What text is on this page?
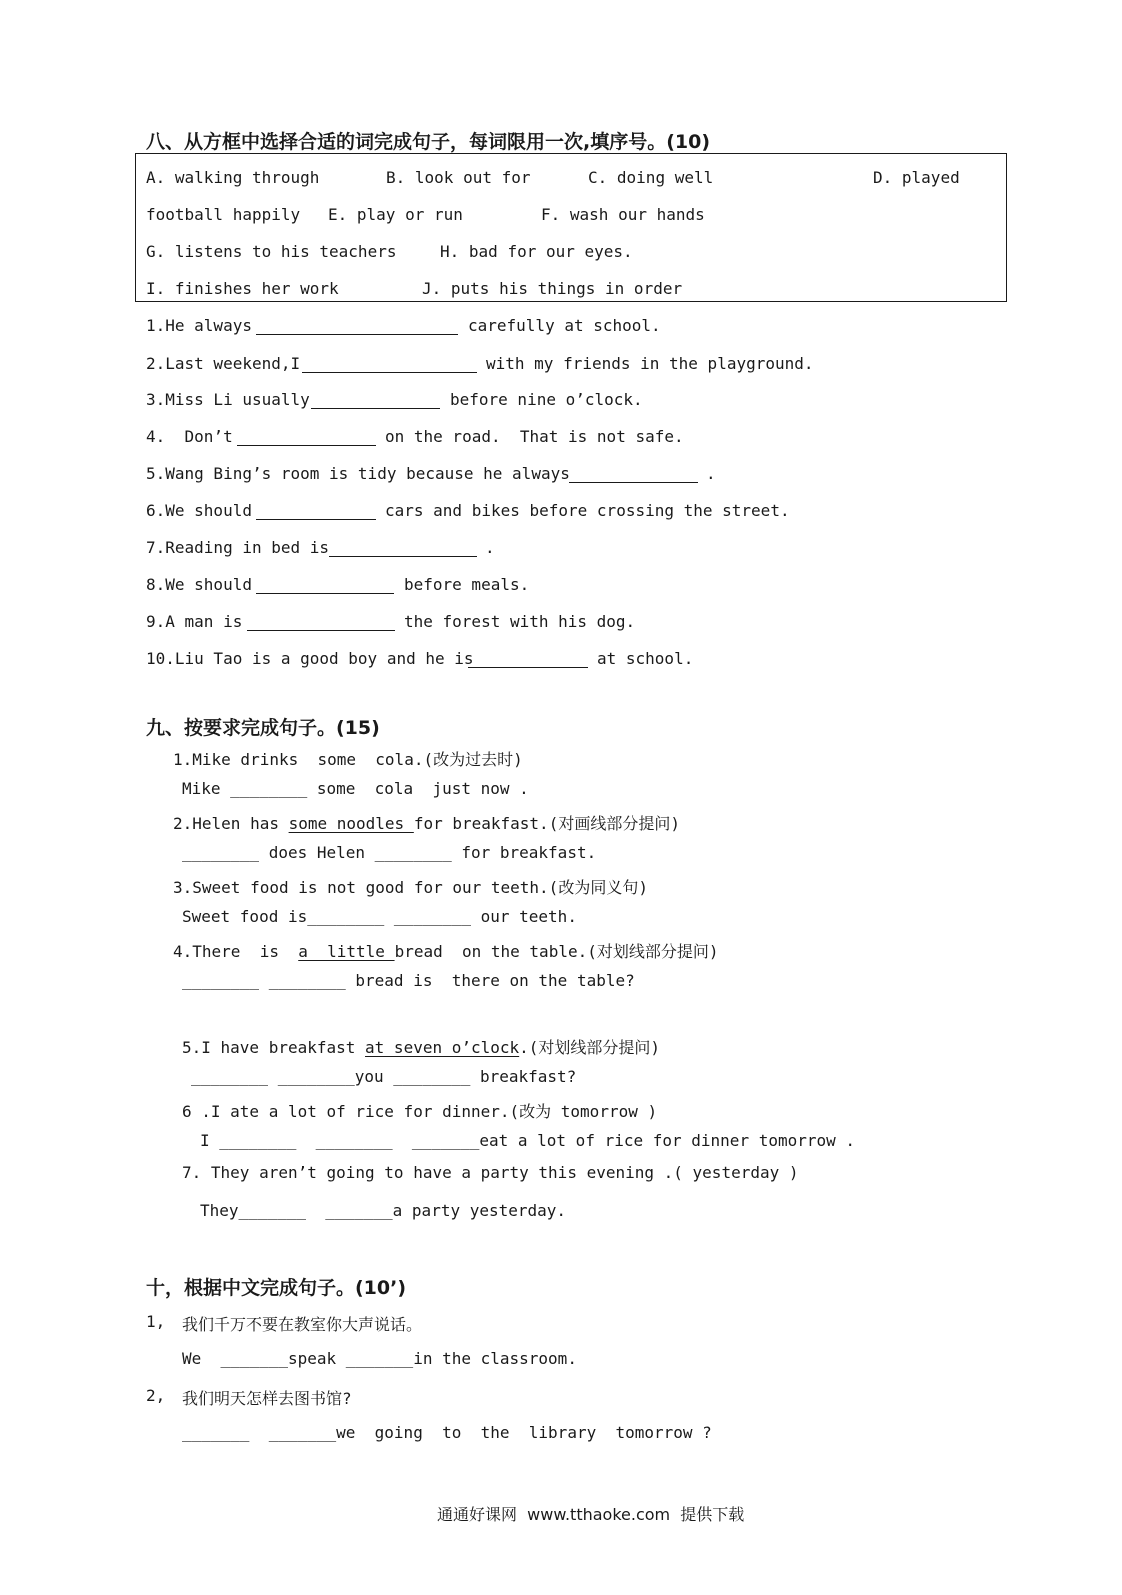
八、从方框中选择合适的词完成句子，每词限用一次,填序号。(10)
A. walking through	B. look out for	C. doing well	D. played
football happily E. play or run	F. wash our hands
G. listens to his teachers	H. bad for our eyes.
I. finishes her work	J. puts his things in order
1.He always	carefully at school.
2.Last weekend,I	with my friends in the playground.
3.Miss Li usually	before nine o’clock.
4.  Don’t	on the road.  That is not safe.
5.Wang Bing’s room is tidy because he always	.
6.We should	cars and bikes before crossing the street.
7.Reading in bed is	.
8.We should	before meals.
9.A man is	the forest with his dog.
10.Liu Tao is a good boy and he is	at school.
九、按要求完成句子。(15)
1.Mike drinks  some  cola.(改为过去时)
Mike ________ some  cola  just now .
2.Helen has some noodles for breakfast.(对画线部分提问)
________ does Helen ________ for breakfast.
3.Sweet food is not good for our teeth.(改为同义句)
Sweet food is________ ________ our teeth.
4.There  is  a  little bread  on the table.(对划线部分提问)
________ ________ bread is  there on the table?
5.I have breakfast at seven o’clock.(对划线部分提问)
________ ________you ________ breakfast?
6 .I ate a lot of rice for dinner.(改为 tomorrow )
I ________  ________  _______eat a lot of rice for dinner tomorrow .
7. They aren’t going to have a party this evening .( yesterday )
They_______  _______a party yesterday.
十，根据中文完成句子。(10’)
1, 我们千万不要在教室你大声说话。
We  _______speak _______in the classroom.
2, 我们明天怎样去图书馆?
_______  _______we  going  to  the  library  tomorrow ?
通通好课网  www.tthaoke.com  提供下载
